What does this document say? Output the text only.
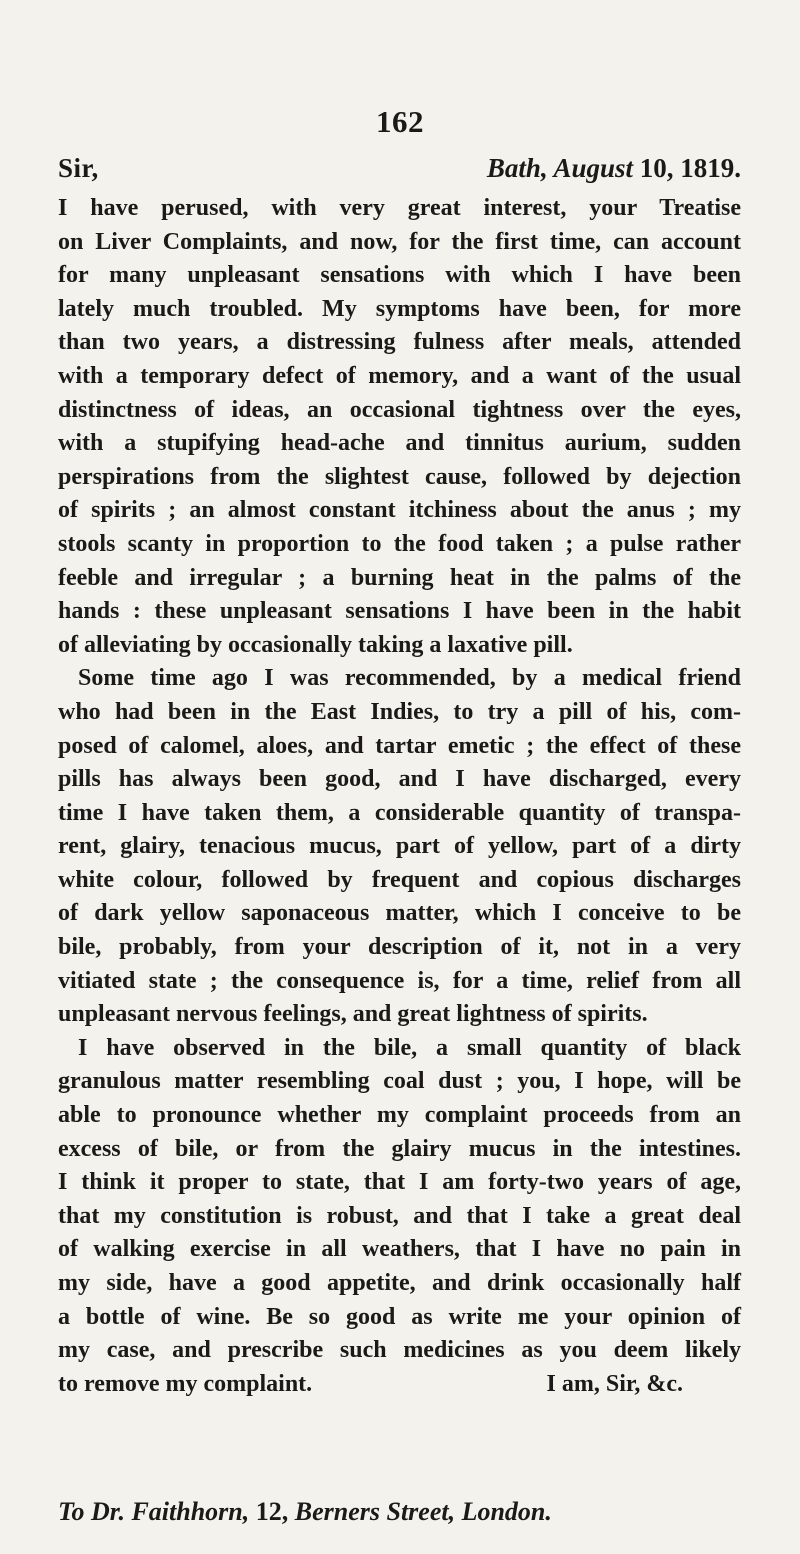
162
Sir,	Bath, August 10, 1819.
I have perused, with very great interest, your Treatise
on Liver Complaints, and now, for the first time, can account
for many unpleasant sensations with which I have been
lately much troubled. My symptoms have been, for more
than two years, a distressing fulness after meals, attended
with a temporary defect of memory, and a want of the usual
distinctness of ideas, an occasional tightness over the eyes,
with a stupifying head-ache and tinnitus aurium, sudden
perspirations from the slightest cause, followed by dejection
of spirits ; an almost constant itchiness about the anus ; my
stools scanty in proportion to the food taken ; a pulse rather
feeble and irregular ; a burning heat in the palms of the
hands : these unpleasant sensations I have been in the habit
of alleviating by occasionally taking a laxative pill.
Some time ago I was recommended, by a medical friend
who had been in the East Indies, to try a pill of his, com-
posed of calomel, aloes, and tartar emetic ; the effect of these
pills has always been good, and I have discharged, every
time I have taken them, a considerable quantity of transpa-
rent, glairy, tenacious mucus, part of yellow, part of a dirty
white colour, followed by frequent and copious discharges
of dark yellow saponaceous matter, which I conceive to be
bile, probably, from your description of it, not in a very
vitiated state ; the consequence is, for a time, relief from all
unpleasant nervous feelings, and great lightness of spirits.
I have observed in the bile, a small quantity of black
granulous matter resembling coal dust ; you, I hope, will be
able to pronounce whether my complaint proceeds from an
excess of bile, or from the glairy mucus in the intestines.
I think it proper to state, that I am forty-two years of age,
that my constitution is robust, and that I take a great deal
of walking exercise in all weathers, that I have no pain in
my side, have a good appetite, and drink occasionally half
a bottle of wine. Be so good as write me your opinion of
my case, and prescribe such medicines as you deem likely
to remove my complaint.	I am, Sir, &c.
To Dr. Faithhorn, 12, Berners Street, London.
